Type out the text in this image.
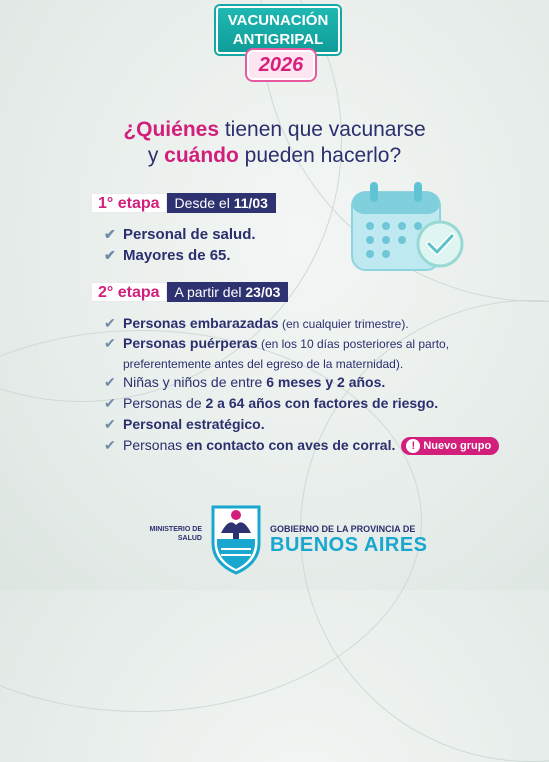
VACUNACIÓN
ANTIGRIPAL
2026
¿Quiénes tienen que vacunarse
y cuándo pueden hacerlo?
1° etapa	Desde el 11/03
✔ Personal de salud.
✔ Mayores de 65.
2° etapa	A partir del 23/03
✔ Personas embarazadas (en cualquier trimestre).
✔ Personas puérperas (en los 10 días posteriores al parto, preferentemente antes del egreso de la maternidad).
✔ Niñas y niños de entre 6 meses y 2 años.
✔ Personas de 2 a 64 años con factores de riesgo.
✔ Personal estratégico.
✔ Personas en contacto con aves de corral. ! Nuevo grupo
MINISTERIO DE
SALUD
GOBIERNO DE LA PROVINCIA DE
BUENOS AIRES
